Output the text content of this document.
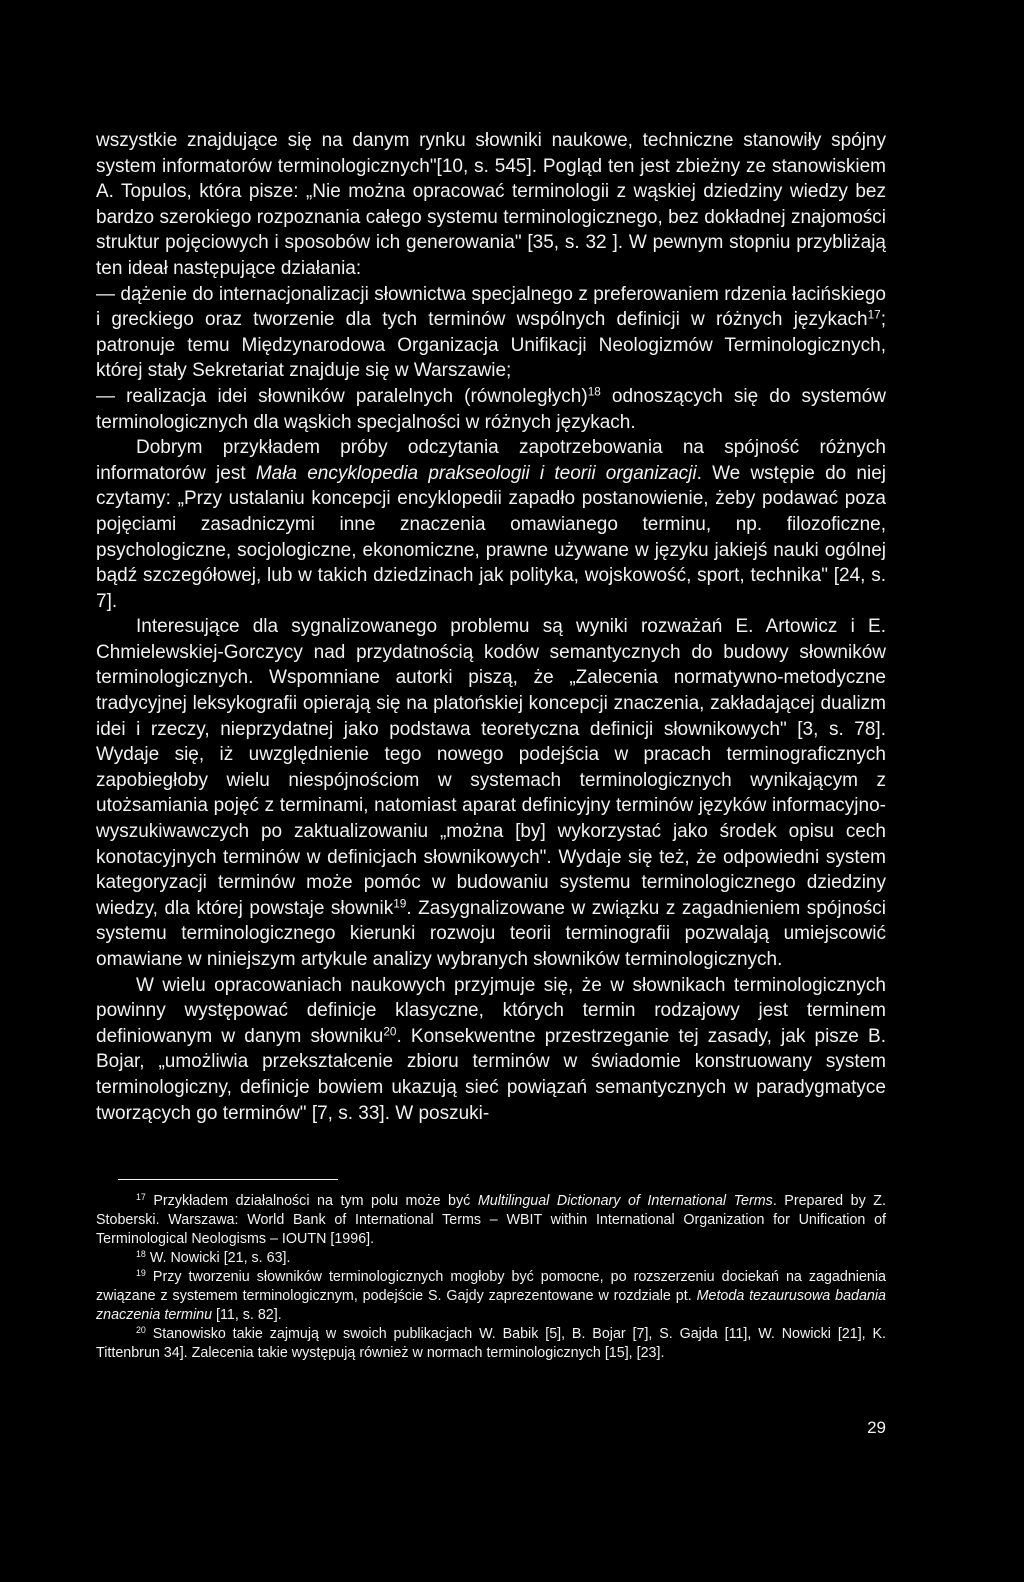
wszystkie znajdujące się na danym rynku słowniki naukowe, techniczne stanowiły spójny system informatorów terminologicznych"[10, s. 545]. Pogląd ten jest zbieżny ze stanowiskiem A. Topulos, która pisze: „Nie można opracować terminologii z wąskiej dziedziny wiedzy bez bardzo szerokiego rozpoznania całego systemu terminologicznego, bez dokładnej znajomości struktur pojęciowych i sposobów ich generowania" [35, s. 32 ]. W pewnym stopniu przybliżają ten ideał następujące działania:

— dążenie do internacjonalizacji słownictwa specjalnego z preferowaniem rdzenia łacińskiego i greckiego oraz tworzenie dla tych terminów wspólnych definicji w różnych językach$^{17}$; patronuje temu Międzynarodowa Organizacja Unifikacji Neologizmów Terminologicznych, której stały Sekretariat znajduje się w Warszawie;

— realizacja idei słowników paralelnych (równoległych)$^{18}$ odnoszących się do systemów terminologicznych dla wąskich specjalności w różnych językach.

Dobrym przykładem próby odczytania zapotrzebowania na spójność różnych informatorów jest Mała encyklopedia prakseologii i teorii organizacji. We wstępie do niej czytamy: „Przy ustalaniu koncepcji encyklopedii zapadło postanowienie, żeby podawać poza pojęciami zasadniczymi inne znaczenia omawianego terminu, np. filozoficzne, psychologiczne, socjologiczne, ekonomiczne, prawne używane w języku jakiejś nauki ogólnej bądź szczegółowej, lub w takich dziedzinach jak polityka, wojskowość, sport, technika" [24, s. 7].

Interesujące dla sygnalizowanego problemu są wyniki rozważań E. Artowicz i E. Chmielewskiej-Gorczycy nad przydatnością kodów semantycznych do budowy słowników terminologicznych. Wspomniane autorki piszą, że „Zalecenia normatywno-metodyczne tradycyjnej leksykografii opierają się na platońskiej koncepcji znaczenia, zakładającej dualizm idei i rzeczy, nieprzydatnej jako podstawa teoretyczna definicji słownikowych" [3, s. 78]. Wydaje się, iż uwzględnienie tego nowego podejścia w pracach terminograficznych zapobiegłoby wielu niespójnościom w systemach terminologicznych wynikającym z utożsamiania pojęć z terminami, natomiast aparat definicyjny terminów języków informacyjno-wyszukiwawczych po zaktualizowaniu „można [by] wykorzystać jako środek opisu cech konotacyjnych terminów w definicjach słownikowych". Wydaje się też, że odpowiedni system kategoryzacji terminów może pomóc w budowaniu systemu terminologicznego dziedziny wiedzy, dla której powstaje słownik$^{19}$. Zasygnalizowane w związku z zagadnieniem spójności systemu terminologicznego kierunki rozwoju teorii terminografii pozwalają umiejscowić omawiane w niniejszym artykule analizy wybranych słowników terminologicznych.

W wielu opracowaniach naukowych przyjmuje się, że w słownikach terminologicznych powinny występować definicje klasyczne, których termin rodzajowy jest terminem definiowanym w danym słowniku$^{20}$. Konsekwentne przestrzeganie tej zasady, jak pisze B. Bojar, „umożliwia przekształcenie zbioru terminów w świadomie konstruowany system terminologiczny, definicje bowiem ukazują sieć powiązań semantycznych w paradygmatyce tworzących go terminów" [7, s. 33]. W poszuki-

$^{17}$ Przykładem działalności na tym polu może być Multilingual Dictionary of International Terms. Prepared by Z. Stoberski. Warszawa: World Bank of International Terms – WBIT within International Organization for Unification of Terminological Neologisms – IOUTN [1996].

$^{18}$ W. Nowicki [21, s. 63].

$^{19}$ Przy tworzeniu słowników terminologicznych mogłoby być pomocne, po rozszerzeniu dociekań na zagadnienia związane z systemem terminologicznym, podejście S. Gajdy zaprezentowane w rozdziale pt. Metoda tezaurusowa badania znaczenia terminu [11, s. 82].

$^{20}$ Stanowisko takie zajmują w swoich publikacjach W. Babik [5], B. Bojar [7], S. Gajda [11], W. Nowicki [21], K. Tittenbrun 34]. Zalecenia takie występują również w normach terminologicznych [15], [23].

29
